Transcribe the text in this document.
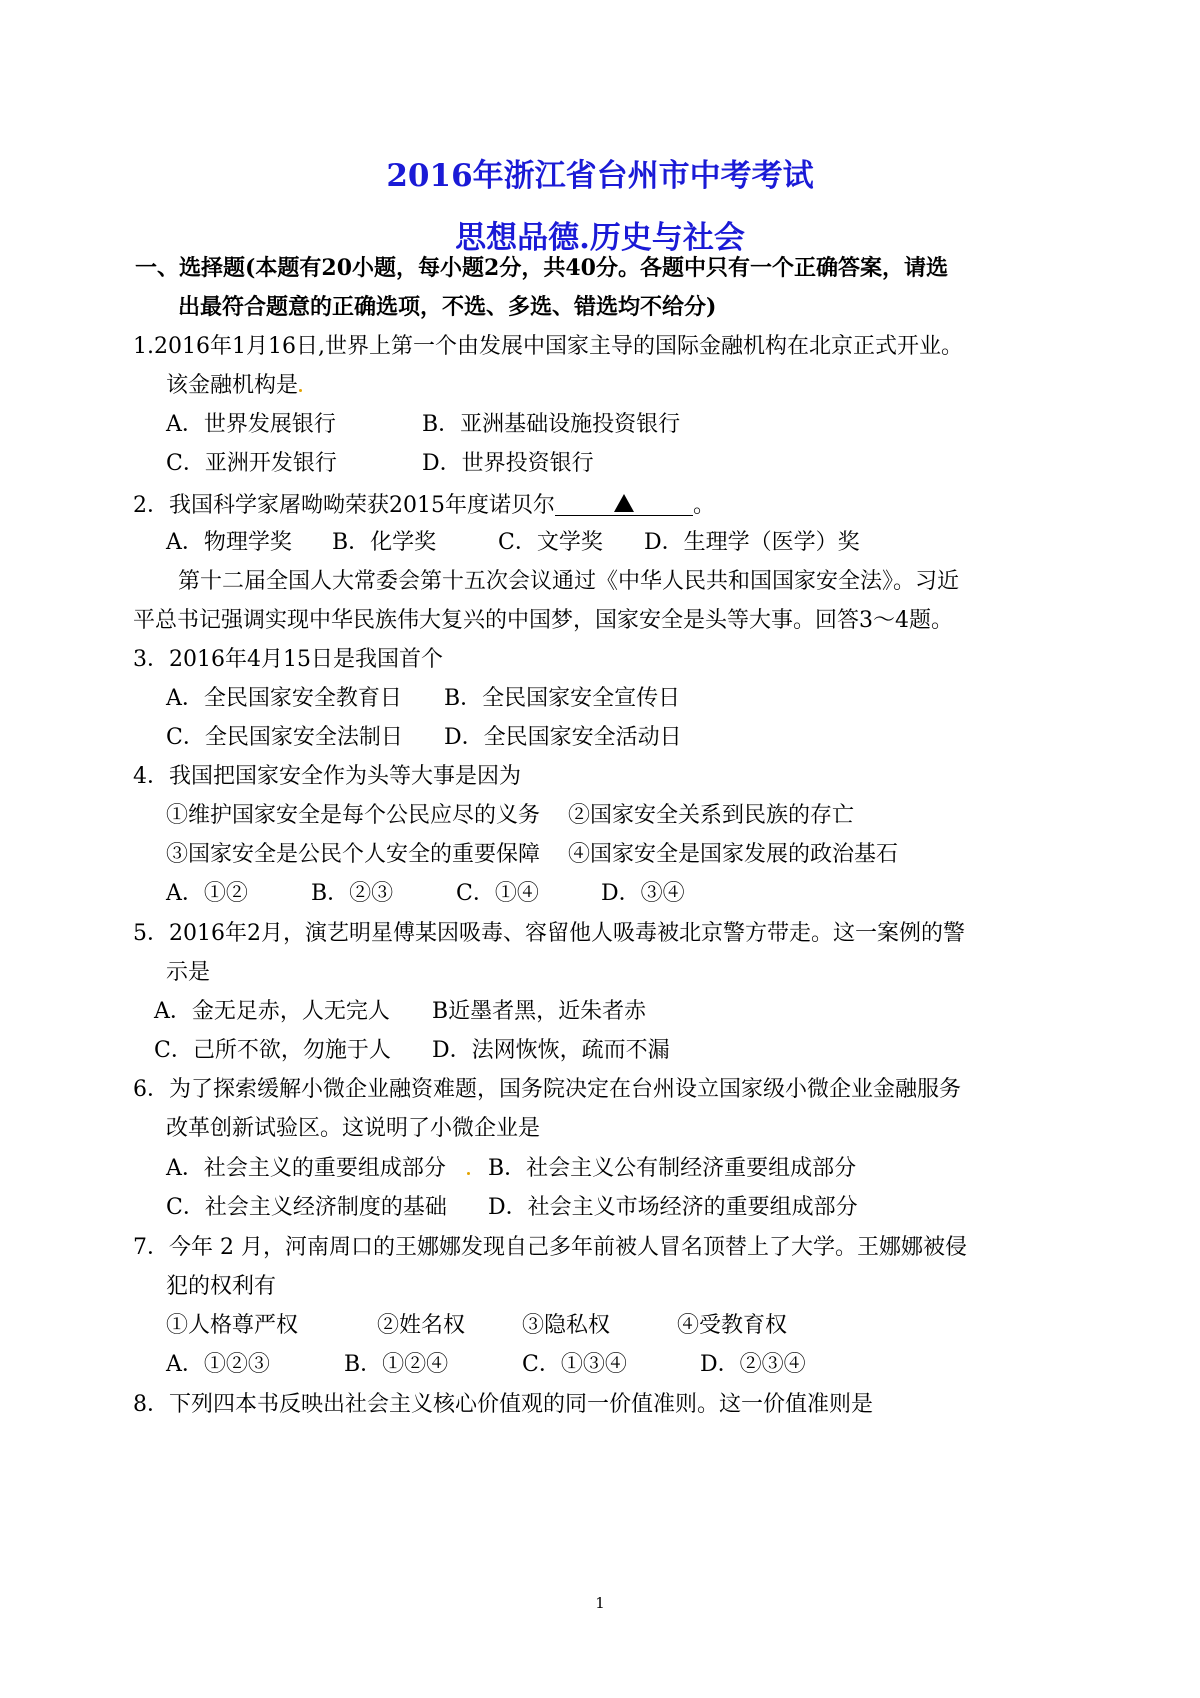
2016年浙江省台州市中考考试
思想品德.历史与社会
一、选择题(本题有20小题，每小题2分，共40分。各题中只有一个正确答案，请选
出最符合题意的正确选项，不选、多选、错选均不给分)
1.2016年1月16日,世界上第一个由发展中国家主导的国际金融机构在北京正式开业。
该金融机构是
A．世界发展银行	B．亚洲基础设施投资银行
C．亚洲开发银行	D．世界投资银行
2．我国科学家屠呦呦荣获2015年度诺贝尔	。
A．物理学奖 B．化学奖	C．文学奖 D．生理学（医学）奖
第十二届全国人大常委会第十五次会议通过《中华人民共和国国家安全法》。习近
平总书记强调实现中华民族伟大复兴的中国梦，国家安全是头等大事。回答3～4题。
3．2016年4月15日是我国首个
A．全民国家安全教育日 B．全民国家安全宣传日
C．全民国家安全法制日 D．全民国家安全活动日
4．我国把国家安全作为头等大事是因为
①维护国家安全是每个公民应尽的义务 ②国家安全关系到民族的存亡
③国家安全是公民个人安全的重要保障 ④国家安全是国家发展的政治基石
A．①②	B．②③	C．①④	D．③④
5．2016年2月，演艺明星傅某因吸毒、容留他人吸毒被北京警方带走。这一案例的警
示是
A．金无足赤，人无完人 B近墨者黑，近朱者赤
C．己所不欲，勿施于人 D．法网恢恢，疏而不漏
6．为了探索缓解小微企业融资难题，国务院决定在台州设立国家级小微企业金融服务
改革创新试验区。这说明了小微企业是
A．社会主义的重要组成部分 B．社会主义公有制经济重要组成部分
C．社会主义经济制度的基础 D．社会主义市场经济的重要组成部分
7．今年 2 月，河南周口的王娜娜发现自己多年前被人冒名顶替上了大学。王娜娜被侵
犯的权利有
①人格尊严权	②姓名权	③隐私权	④受教育权
A．①②③	B．①②④	C．①③④	D．②③④
8．下列四本书反映出社会主义核心价值观的同一价值准则。这一价值准则是
1
